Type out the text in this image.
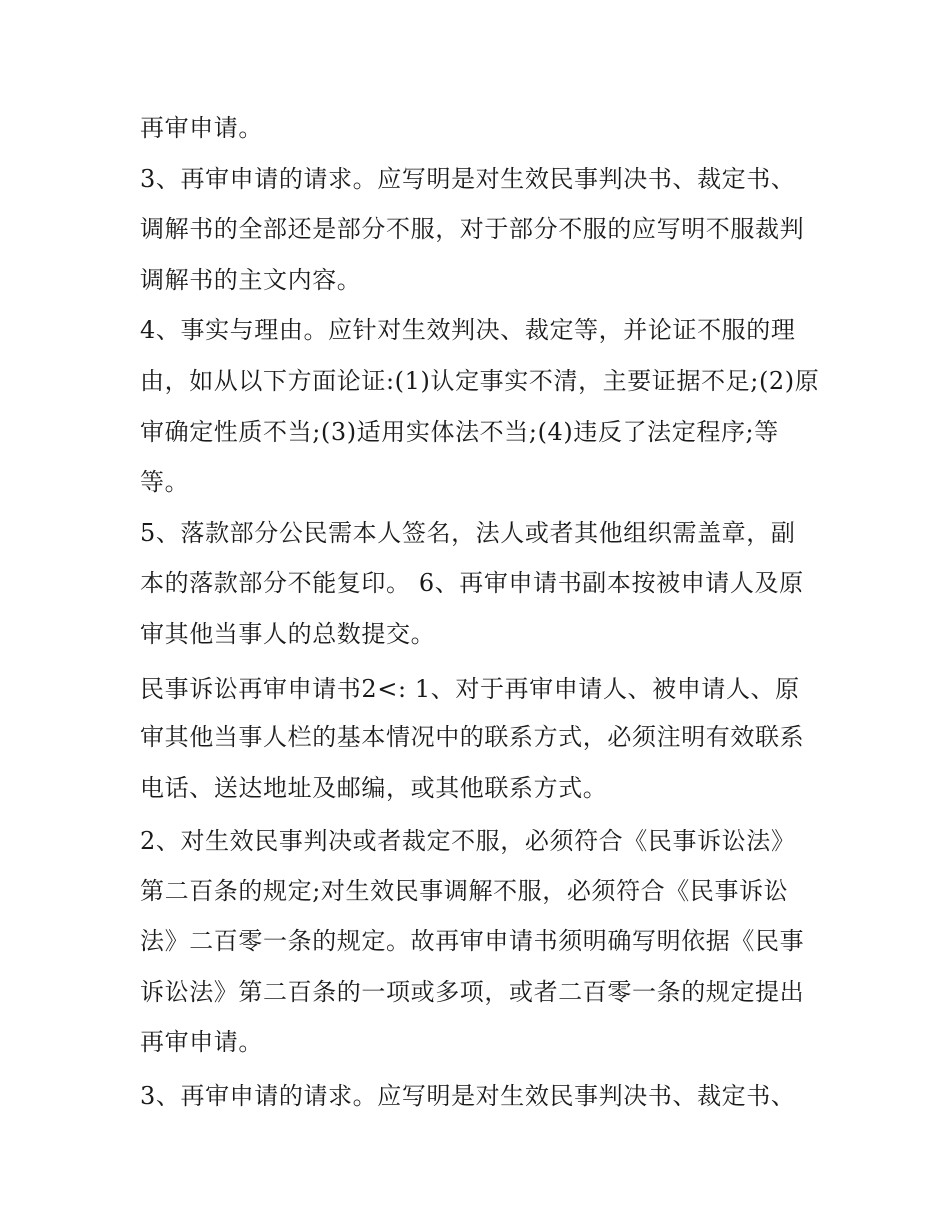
再审申请。
3、再审申请的请求。应写明是对生效民事判决书、裁定书、
调解书的全部还是部分不服，对于部分不服的应写明不服裁判
调解书的主文内容。
4、事实与理由。应针对生效判决、裁定等，并论证不服的理
由，如从以下方面论证:(1)认定事实不清，主要证据不足;(2)原
审确定性质不当;(3)适用实体法不当;(4)违反了法定程序;等
等。
5、落款部分公民需本人签名，法人或者其他组织需盖章，副
本的落款部分不能复印。 6、再审申请书副本按被申请人及原
审其他当事人的总数提交。
民事诉讼再审申请书2<: 1、对于再审申请人、被申请人、原
审其他当事人栏的基本情况中的联系方式，必须注明有效联系
电话、送达地址及邮编，或其他联系方式。
2、对生效民事判决或者裁定不服，必须符合《民事诉讼法》
第二百条的规定;对生效民事调解不服，必须符合《民事诉讼
法》二百零一条的规定。故再审申请书须明确写明依据《民事
诉讼法》第二百条的一项或多项，或者二百零一条的规定提出
再审申请。
3、再审申请的请求。应写明是对生效民事判决书、裁定书、
